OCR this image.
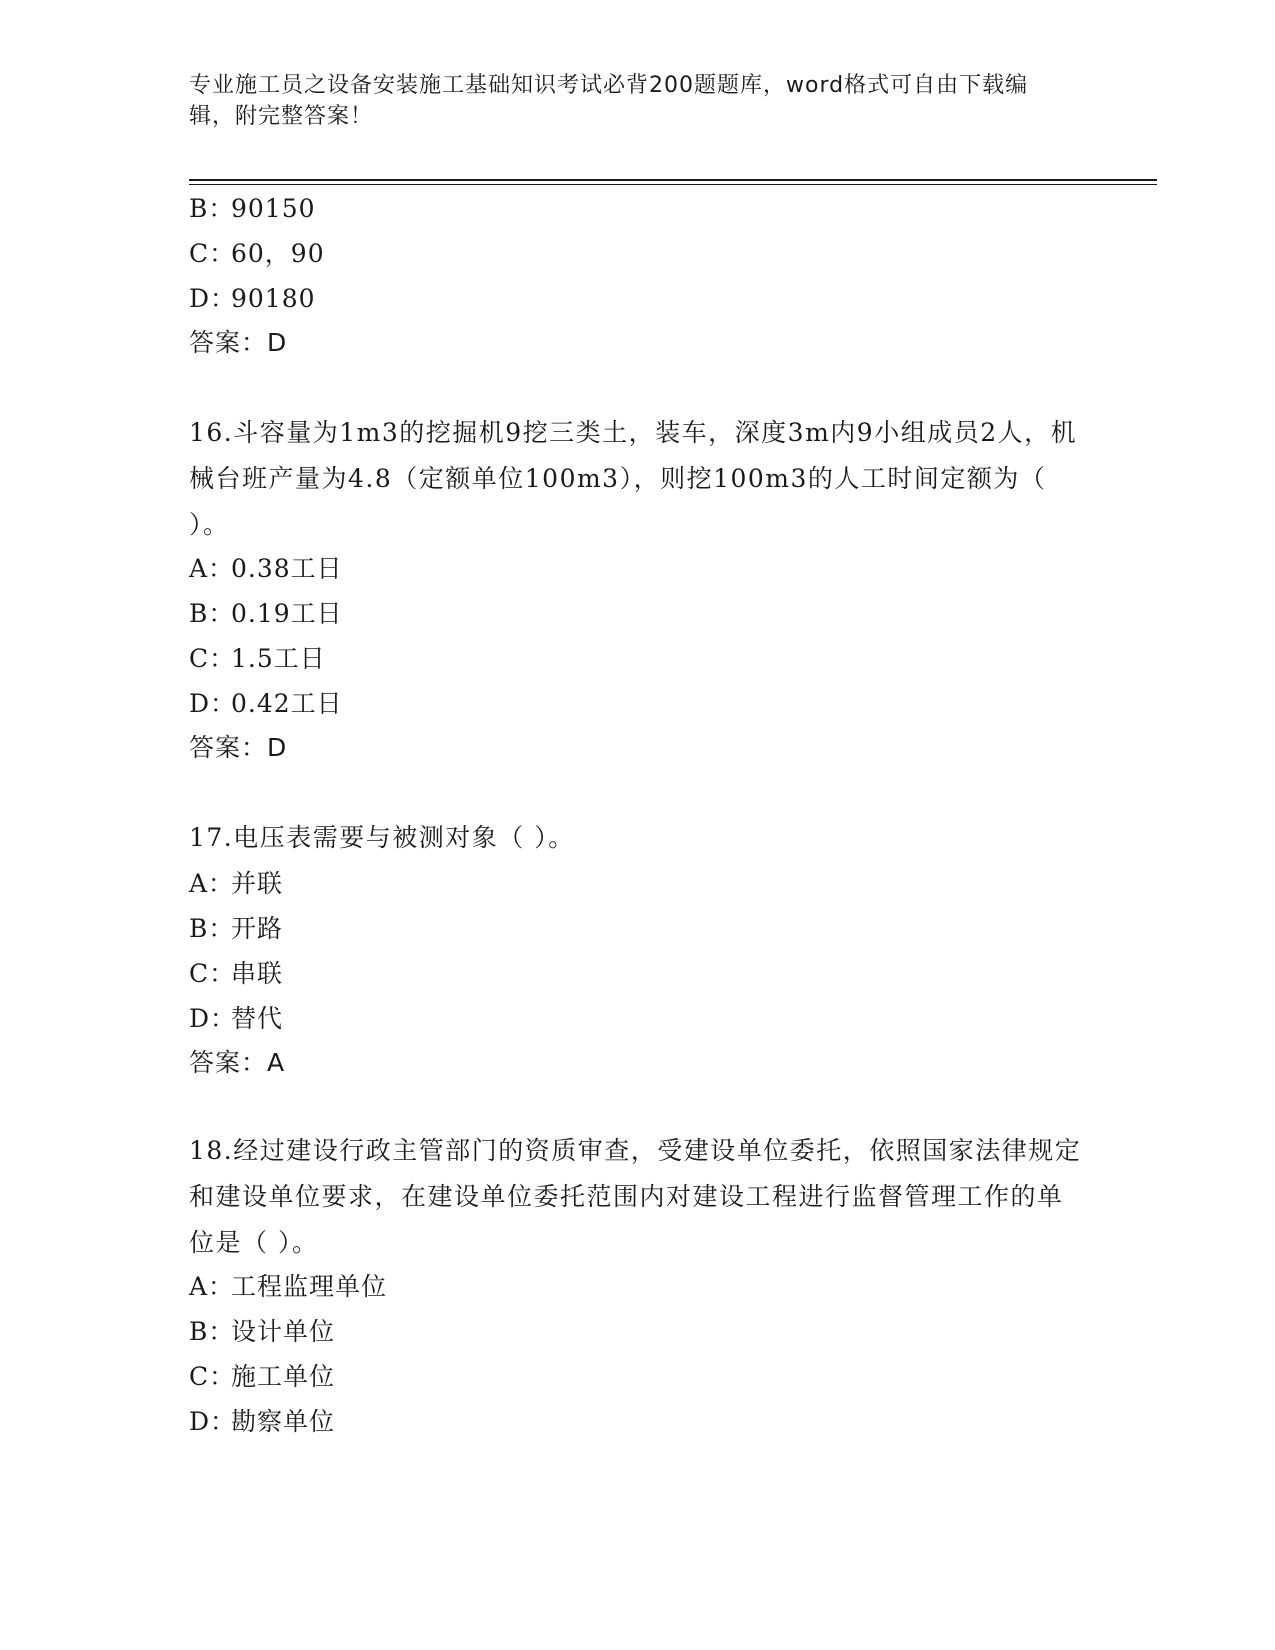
专业施工员之设备安装施工基础知识考试必背200题题库，word格式可自由下载编辑，附完整答案！
B：90150
C：60，90
D：90180
答案：D
16.斗容量为1m3的挖掘机9挖三类土，装车，深度3m内9小组成员2人，机械台班产量为4.8（定额单位100m3），则挖100m3的人工时间定额为（ ）。
A：0.38工日
B：0.19工日
C：1.5工日
D：0.42工日
答案：D
17.电压表需要与被测对象（ ）。
A：并联
B：开路
C：串联
D：替代
答案：A
18.经过建设行政主管部门的资质审查，受建设单位委托，依照国家法律规定和建设单位要求，在建设单位委托范围内对建设工程进行监督管理工作的单位是（ ）。
A：工程监理单位
B：设计单位
C：施工单位
D：勘察单位
